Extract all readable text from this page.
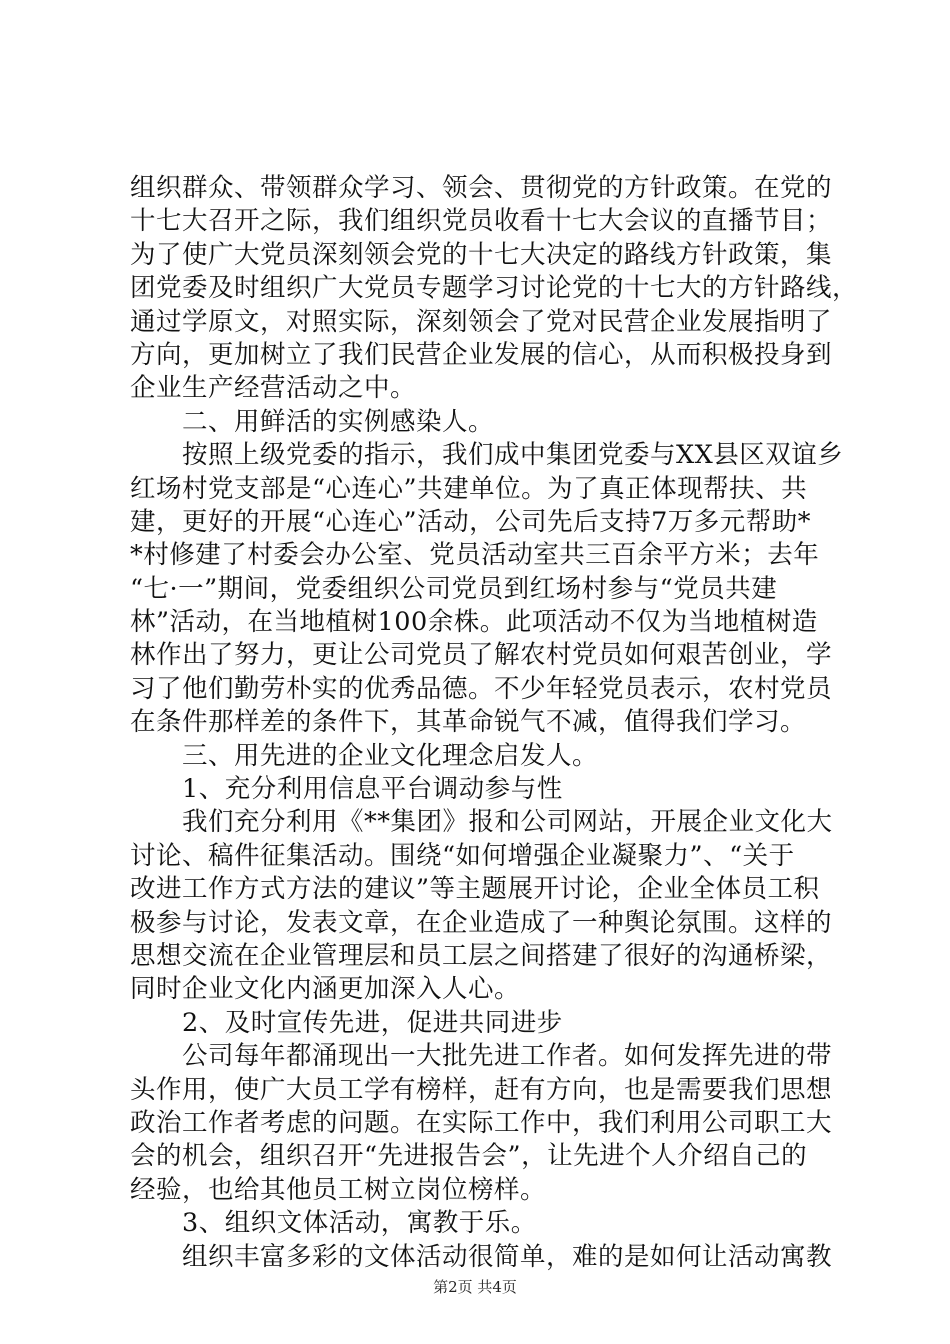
组织群众、带领群众学习、领会、贯彻党的方针政策。在党的
十七大召开之际，我们组织党员收看十七大会议的直播节目；
为了使广大党员深刻领会党的十七大决定的路线方针政策，集
团党委及时组织广大党员专题学习讨论党的十七大的方针路线，
通过学原文，对照实际，深刻领会了党对民营企业发展指明了
方向，更加树立了我们民营企业发展的信心，从而积极投身到
企业生产经营活动之中。
　　二、用鲜活的实例感染人。
　　按照上级党委的指示，我们成中集团党委与XX县区双谊乡
红场村党支部是“心连心”共建单位。为了真正体现帮扶、共
建，更好的开展“心连心”活动，公司先后支持7万多元帮助*
*村修建了村委会办公室、党员活动室共三百余平方米；去年
“七·一”期间，党委组织公司党员到红场村参与“党员共建
林”活动，在当地植树100余株。此项活动不仅为当地植树造
林作出了努力，更让公司党员了解农村党员如何艰苦创业，学
习了他们勤劳朴实的优秀品德。不少年轻党员表示，农村党员
在条件那样差的条件下，其革命锐气不减，值得我们学习。
　　三、用先进的企业文化理念启发人。
　　1、充分利用信息平台调动参与性
　　我们充分利用《**集团》报和公司网站，开展企业文化大
讨论、稿件征集活动。围绕“如何增强企业凝聚力”、“关于
改进工作方式方法的建议”等主题展开讨论，企业全体员工积
极参与讨论，发表文章，在企业造成了一种舆论氛围。这样的
思想交流在企业管理层和员工层之间搭建了很好的沟通桥梁，
同时企业文化内涵更加深入人心。
　　2、及时宣传先进，促进共同进步
　　公司每年都涌现出一大批先进工作者。如何发挥先进的带
头作用，使广大员工学有榜样，赶有方向，也是需要我们思想
政治工作者考虑的问题。在实际工作中，我们利用公司职工大
会的机会，组织召开“先进报告会”，让先进个人介绍自己的
经验，也给其他员工树立岗位榜样。
　　3、组织文体活动，寓教于乐。
　　组织丰富多彩的文体活动很简单，难的是如何让活动寓教
第2页 共4页
